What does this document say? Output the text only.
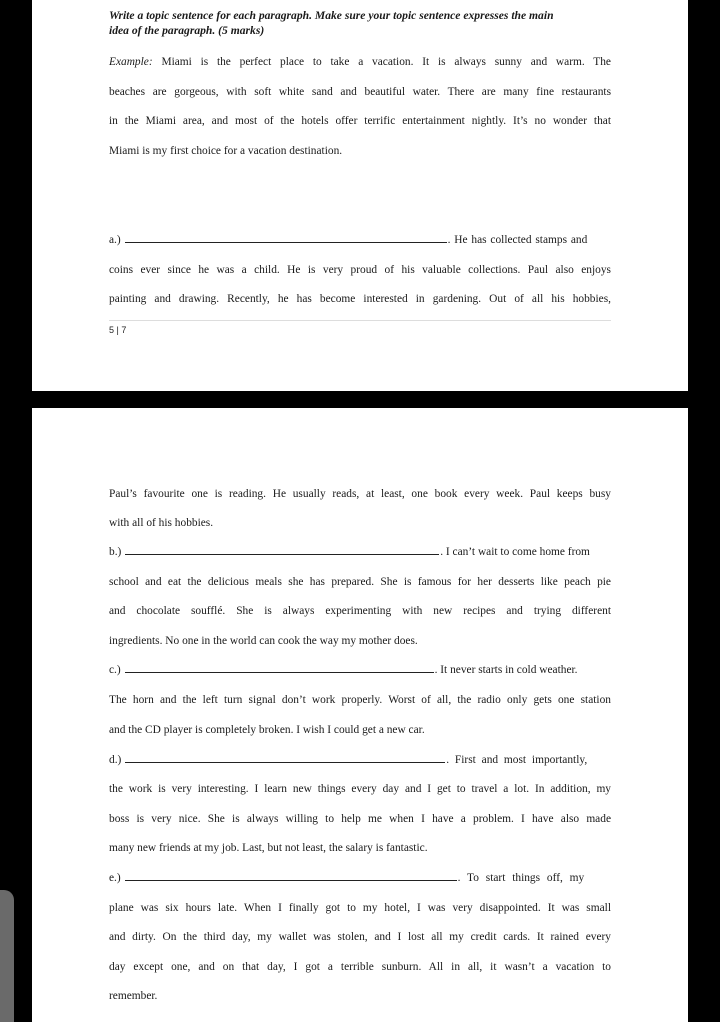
Write a topic sentence for each paragraph. Make sure your topic sentence expresses the main
idea of the paragraph. (5 marks)
Example: Miami is the perfect place to take a vacation. It is always sunny and warm. The
beaches are gorgeous, with soft white sand and beautiful water. There are many fine restaurants
in the Miami area, and most of the hotels offer terrific entertainment nightly. It’s no wonder that
Miami is my first choice for a vacation destination.
a.)	. He has collected stamps and
coins ever since he was a child. He is very proud of his valuable collections. Paul also enjoys
painting and drawing. Recently, he has become interested in gardening. Out of all his hobbies,
5 | 7
Paul’s favourite one is reading. He usually reads, at least, one book every week. Paul keeps busy
with all of his hobbies.
b.)	. I can’t wait to come home from
school and eat the delicious meals she has prepared. She is famous for her desserts like peach pie
and chocolate soufflé. She is always experimenting with new recipes and trying different
ingredients. No one in the world can cook the way my mother does.
c.)	. It never starts in cold weather.
The horn and the left turn signal don’t work properly. Worst of all, the radio only gets one station
and the CD player is completely broken. I wish I could get a new car.
d.)	. First and most importantly,
the work is very interesting. I learn new things every day and I get to travel a lot. In addition, my
boss is very nice. She is always willing to help me when I have a problem. I have also made
many new friends at my job. Last, but not least, the salary is fantastic.
e.)	. To start things off, my
plane was six hours late. When I finally got to my hotel, I was very disappointed. It was small
and dirty. On the third day, my wallet was stolen, and I lost all my credit cards. It rained every
day except one, and on that day, I got a terrible sunburn. All in all, it wasn’t a vacation to
remember.
